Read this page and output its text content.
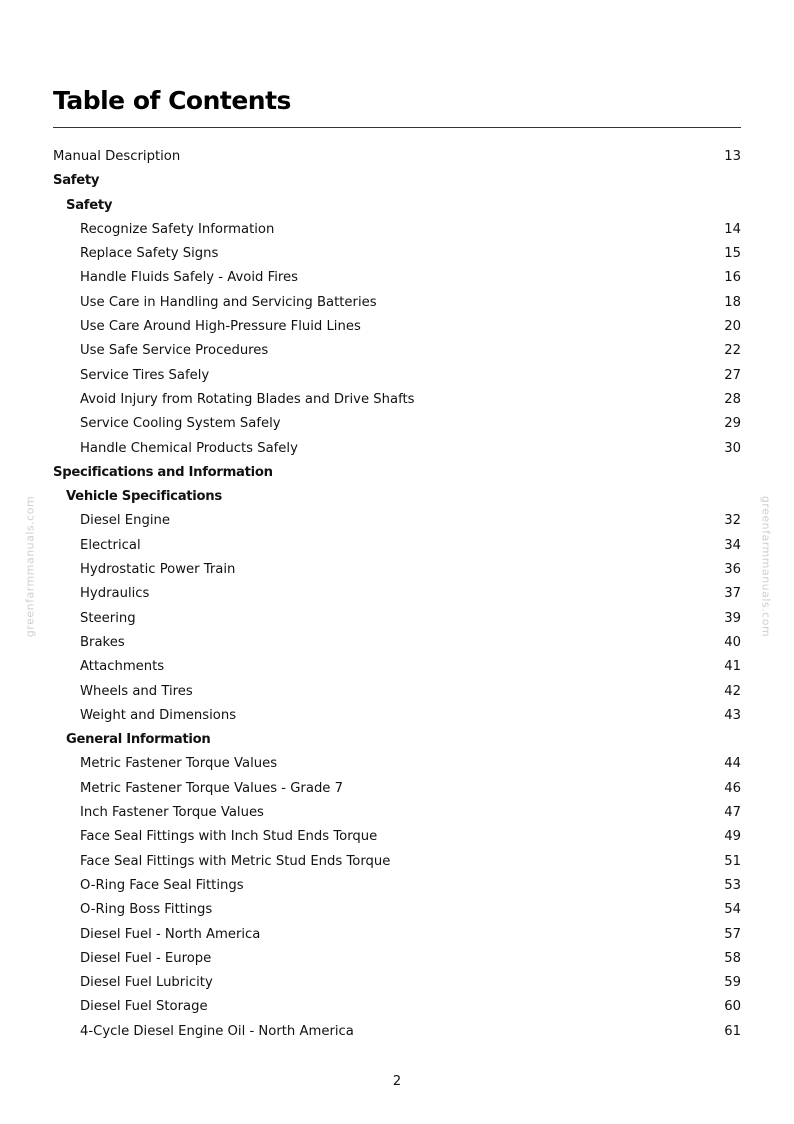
Table of Contents
Manual Description	13
Safety
Safety
Recognize Safety Information	14
Replace Safety Signs	15
Handle Fluids Safely - Avoid Fires	16
Use Care in Handling and Servicing Batteries	18
Use Care Around High-Pressure Fluid Lines	20
Use Safe Service Procedures	22
Service Tires Safely	27
Avoid Injury from Rotating Blades and Drive Shafts	28
Service Cooling System Safely	29
Handle Chemical Products Safely	30
Specifications and Information
Vehicle Specifications
Diesel Engine	32
Electrical	34
Hydrostatic Power Train	36
Hydraulics	37
Steering	39
Brakes	40
Attachments	41
Wheels and Tires	42
Weight and Dimensions	43
General Information
Metric Fastener Torque Values	44
Metric Fastener Torque Values - Grade 7	46
Inch Fastener Torque Values	47
Face Seal Fittings with Inch Stud Ends Torque	49
Face Seal Fittings with Metric Stud Ends Torque	51
O-Ring Face Seal Fittings	53
O-Ring Boss Fittings	54
Diesel Fuel - North America	57
Diesel Fuel - Europe	58
Diesel Fuel Lubricity	59
Diesel Fuel Storage	60
4-Cycle Diesel Engine Oil - North America	61
greenfarmmanuals.com	greenfarmmanuals.com
2
